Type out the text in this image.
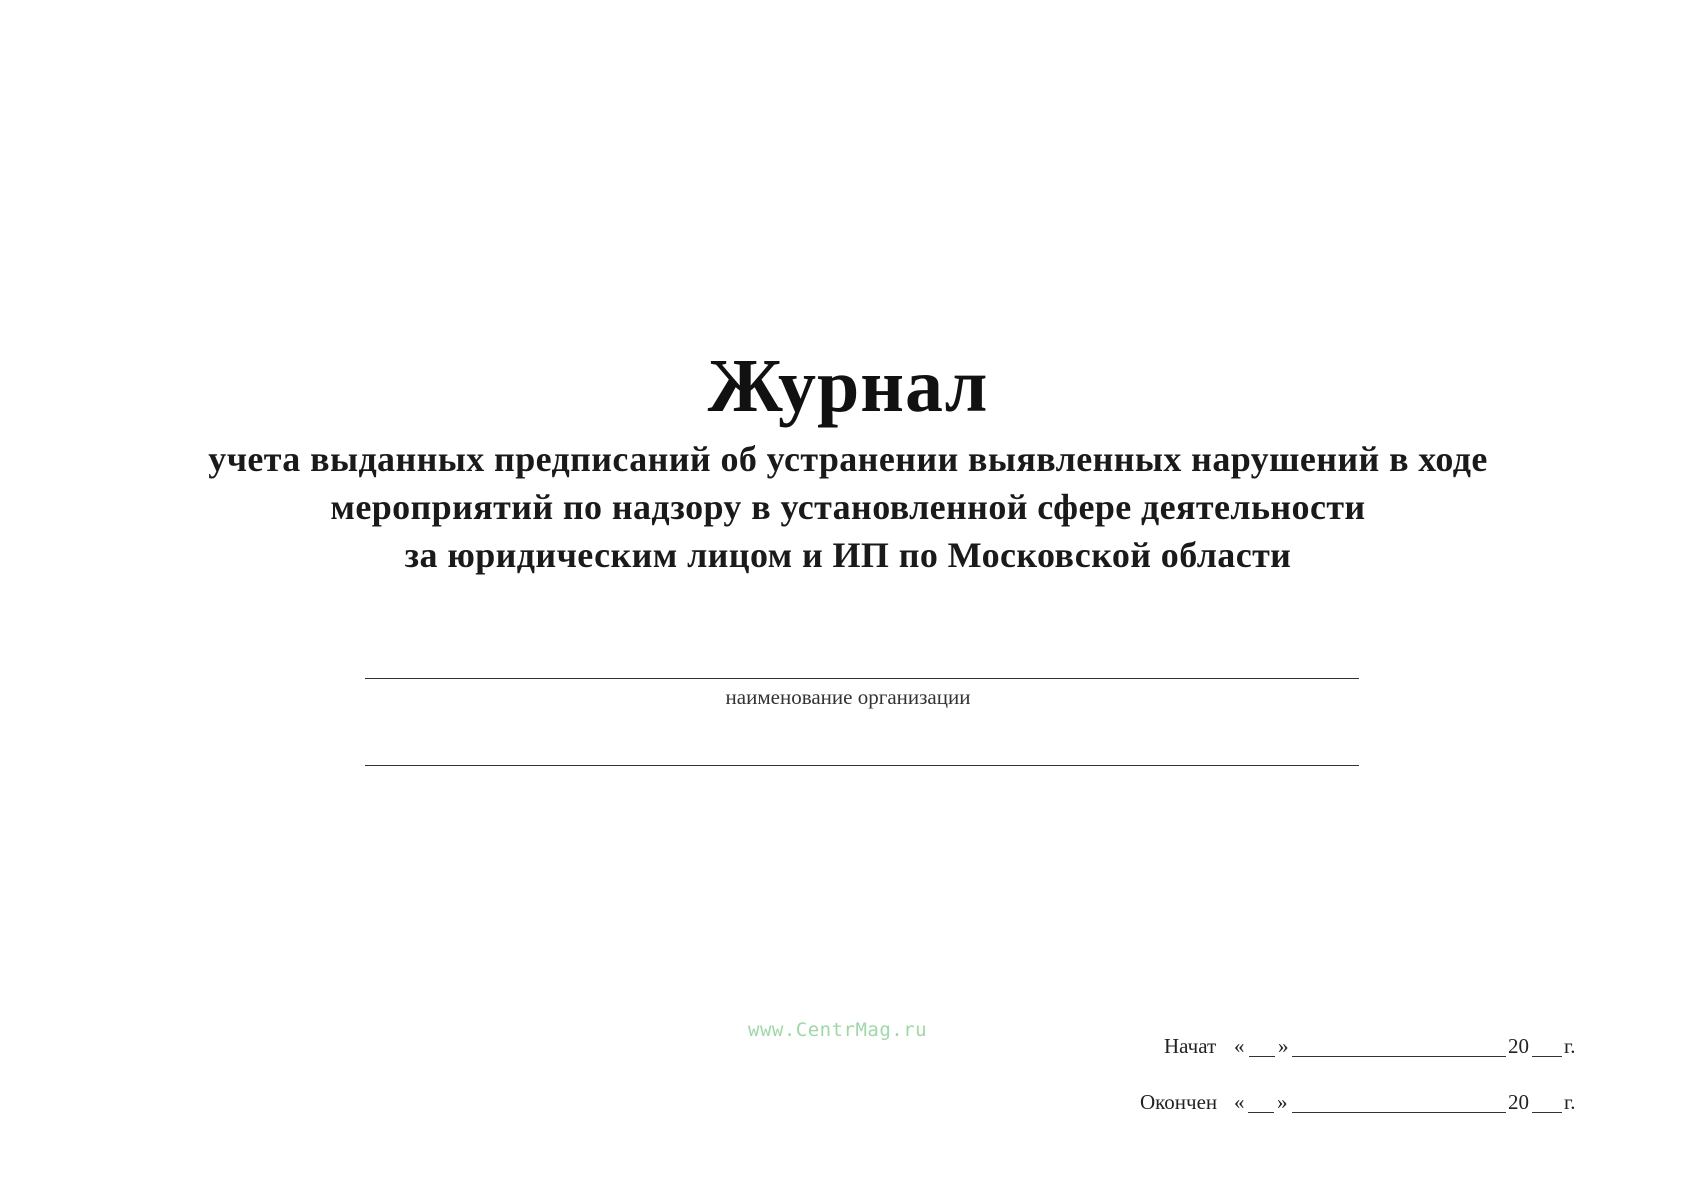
Журнал
учета выданных предписаний об устранении выявленных нарушений в ходе
мероприятий по надзору в установленной сфере деятельности
за юридическим лицом и ИП по Московской области
наименование организации
www.CentrMag.ru
Начат « »	20 г.
Окончен « »	20 г.
